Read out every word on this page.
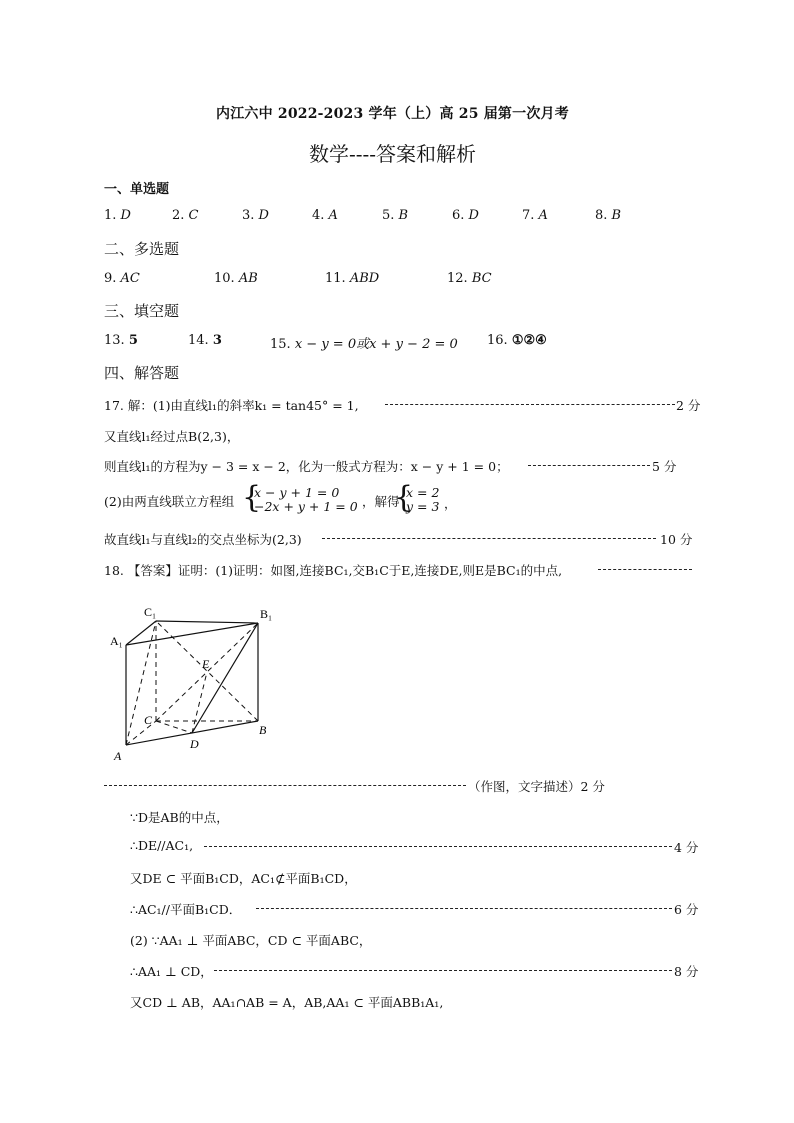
内江六中 2022-2023 学年（上）高 25 届第一次月考
数学----答案和解析
一、单选题
1. D	2. C	3. D	4. A	5. B	6. D	7. A	8. B
二、多选题
9. AC	10. AB	11. ABD	12. BC
三、填空题
13. 5	14. 3	15. x − y = 0或x + y − 2 = 0 16. ①②④
四、解答题
17. 解：(1)由直线l₁的斜率k₁ = tan45° = 1,	2 分
又直线l₁经过点B(2,3)，
则直线l₁的方程为y − 3 = x − 2，化为一般式方程为：x − y + 1 = 0；	5 分
(2)由两直线联立方程组 {
x − y + 1 = 0
−2x + y + 1 = 0 ，解得
{
x = 2
y = 3 ，
故直线l₁与直线l₂的交点坐标为(2,3)	10 分
18. 【答案】证明：(1)证明：如图,连接BC₁,交B₁C于E,连接DE,则E是BC₁的中点,
C₁	B₁
A₁
E
C
B
D
A
（作图，文字描述）2 分
∵D是AB的中点，
∴DE//AC₁,	4 分
又DE ⊂ 平面B₁CD，AC₁⊄平面B₁CD，
∴AC₁//平面B₁CD．	6 分
(2) ∵AA₁ ⊥ 平面ABC，CD ⊂ 平面ABC，
∴AA₁ ⊥ CD，	8 分
又CD ⊥ AB，AA₁∩AB = A，AB,AA₁ ⊂ 平面ABB₁A₁,
